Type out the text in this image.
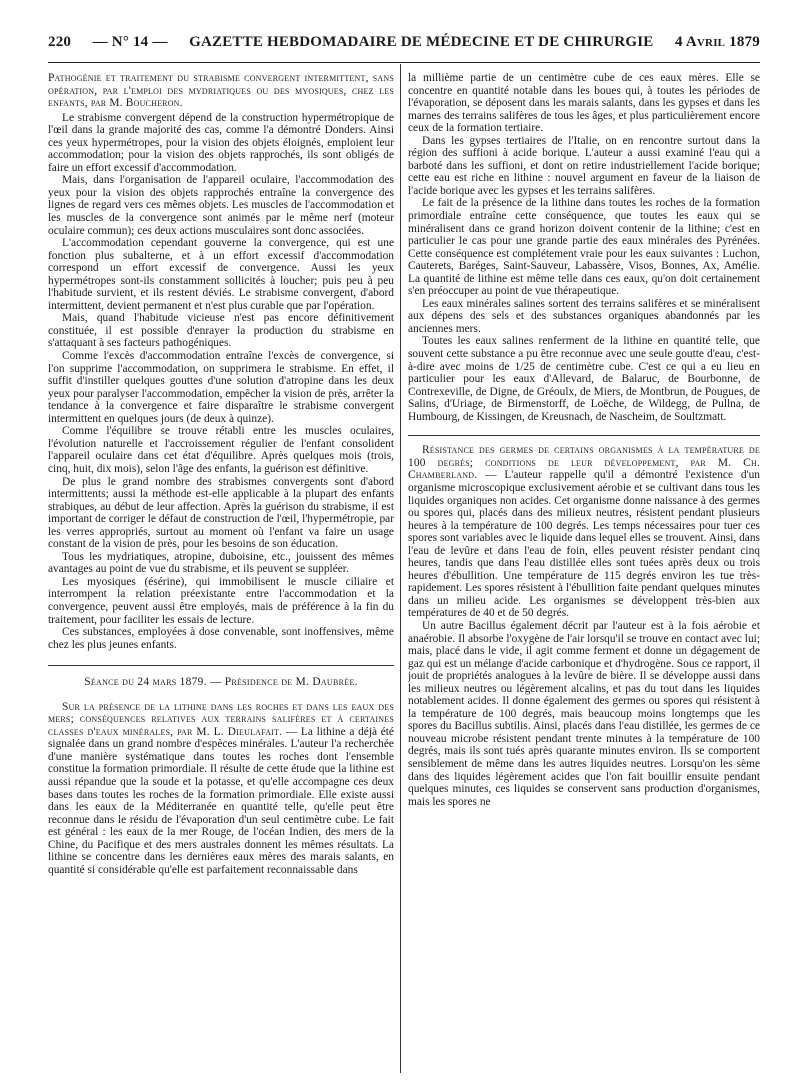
220 — N° 14 — GAZETTE HEBDOMADAIRE DE MÉDECINE ET DE CHIRURGIE 4 Avril 1879

Pathogénie et traitement du strabisme convergent intermittent, sans opération, par l'emploi des mydriatiques ou des myosiques, chez les enfants, par M. Boucheron.

Le strabisme convergent dépend de la construction hypermétropique de l'œil dans la grande majorité des cas, comme l'a démontré Donders. Ainsi ces yeux hypermétropes, pour la vision des objets éloignés, emploient leur accommodation; pour la vision des objets rapprochés, ils sont obligés de faire un effort excessif d'accommodation.

Mais, dans l'organisation de l'appareil oculaire, l'accommodation des yeux pour la vision des objets rapprochés entraîne la convergence des lignes de regard vers ces mêmes objets. Les muscles de l'accommodation et les muscles de la convergence sont animés par le même nerf (moteur oculaire commun); ces deux actions musculaires sont donc associées.

L'accommodation cependant gouverne la convergence, qui est une fonction plus subalterne, et à un effort excessif d'accommodation correspond un effort excessif de convergence. Aussi les yeux hypermétropes sont-ils constamment sollicités à loucher; puis peu à peu l'habitude survient, et ils restent déviés. Le strabisme convergent, d'abord intermittent, devient permanent et n'est plus curable que par l'opération.

Mais, quand l'habitude vicieuse n'est pas encore définitivement constituée, il est possible d'enrayer la production du strabisme en s'attaquant à ses facteurs pathogéniques.

Comme l'excès d'accommodation entraîne l'excès de convergence, si l'on supprime l'accommodation, on supprimera le strabisme. En effet, il suffit d'instiller quelques gouttes d'une solution d'atropine dans les deux yeux pour paralyser l'accommodation, empêcher la vision de près, arrêter la tendance à la convergence et faire disparaître le strabisme convergent intermittent en quelques jours (de deux à quinze).

Comme l'équilibre se trouve rétabli entre les muscles oculaires, l'évolution naturelle et l'accroissement régulier de l'enfant consolident l'appareil oculaire dans cet état d'équilibre. Après quelques mois (trois, cinq, huit, dix mois), selon l'âge des enfants, la guérison est définitive.

De plus le grand nombre des strabismes convergents sont d'abord intermittents; aussi la méthode est-elle applicable à la plupart des enfants strabiques, au début de leur affection. Après la guérison du strabisme, il est important de corriger le défaut de construction de l'œil, l'hypermétropie, par les verres appropriés, surtout au moment où l'enfant va faire un usage constant de la vision de près, pour les besoins de son éducation.

Tous les mydriatiques, atropine, duboisine, etc., jouissent des mêmes avantages au point de vue du strabisme, et ils peuvent se suppléer.

Les myosiques (ésérine), qui immobilisent le muscle ciliaire et interrompent la relation préexistante entre l'accommodation et la convergence, peuvent aussi être employés, mais de préférence à la fin du traitement, pour faciliter les essais de lecture.

Ces substances, employées à dose convenable, sont inoffensives, même chez les plus jeunes enfants.

Séance du 24 mars 1879. — Présidence de M. Daubrée.

Sur la présence de la lithine dans les roches et dans les eaux des mers; conséquences relatives aux terrains salifères et à certaines classes d'eaux minérales, par M. L. Dieulafait. — La lithine a déjà été signalée dans un grand nombre d'espèces minérales. L'auteur l'a recherchée d'une manière systématique dans toutes les roches dont l'ensemble constitue la formation primordiale. Il résulte de cette étude que la lithine est aussi répandue que la soude et la potasse, et qu'elle accompagne ces deux bases dans toutes les roches de la formation primordiale. Elle existe aussi dans les eaux de la Méditerranée en quantité telle, qu'elle peut être reconnue dans le résidu de l'évaporation d'un seul centimètre cube. Le fait est général : les eaux de la mer Rouge, de l'océan Indien, des mers de la Chine, du Pacifique et des mers australes donnent les mêmes résultats. La lithine se concentre dans les dernières eaux mères des marais salants, en quantité si considérable qu'elle est parfaitement reconnaissable dans

la millième partie de un centimètre cube de ces eaux mères. Elle se concentre en quantité notable dans les boues qui, à toutes les périodes de l'évaporation, se déposent dans les marais salants, dans les gypses et dans les marnes des terrains salifères de tous les âges, et plus particulièrement encore ceux de la formation tertiaire.

Dans les gypses tertiaires de l'Italie, on en rencontre surtout dans la région des suffioni à acide borique. L'auteur a aussi examiné l'eau qui a barboté dans les suffioni, et dont on retire industriellement l'acide borique; cette eau est riche en lithine : nouvel argument en faveur de la liaison de l'acide borique avec les gypses et les terrains salifères.

Le fait de la présence de la lithine dans toutes les roches de la formation primordiale entraîne cette conséquence, que toutes les eaux qui se minéralisent dans ce grand horizon doivent contenir de la lithine; c'est en particulier le cas pour une grande partie des eaux minérales des Pyrénées. Cette conséquence est complétement vraie pour les eaux suivantes : Luchon, Cauterets, Baréges, Saint-Sauveur, Labassère, Visos, Bonnes, Ax, Amélie. La quantité de lithine est même telle dans ces eaux, qu'on doit certainement s'en préoccuper au point de vue thérapeutique.

Les eaux minérales salines sortent des terrains salifères et se minéralisent aux dépens des sels et des substances organiques abandonnés par les anciennes mers.

Toutes les eaux salines renferment de la lithine en quantité telle, que souvent cette substance a pu être reconnue avec une seule goutte d'eau, c'est-à-dire avec moins de 1/25 de centimètre cube. C'est ce qui a eu lieu en particulier pour les eaux d'Allevard, de Balaruc, de Bourbonne, de Contrexeville, de Digne, de Gréoulx, de Miers, de Montbrun, de Pougues, de Salins, d'Uriage, de Birmenstorff, de Loëche, de Wildegg, de Pullna, de Humbourg, de Kissingen, de Kreusnach, de Nascheim, de Soultzmatt.

Résistance des germes de certains organismes à la température de 100 degrés; conditions de leur développement, par M. Ch. Chamberland. — L'auteur rappelle qu'il a démontré l'existence d'un organisme microscopique exclusivement aérobie et se cultivant dans tous les liquides organiques non acides. Cet organisme donne naissance à des germes ou spores qui, placés dans des milieux neutres, résistent pendant plusieurs heures à la température de 100 degrés. Les temps nécessaires pour tuer ces spores sont variables avec le liquide dans lequel elles se trouvent. Ainsi, dans l'eau de levûre et dans l'eau de foin, elles peuvent résister pendant cinq heures, tandis que dans l'eau distillée elles sont tuées après deux ou trois heures d'ébullition. Une température de 115 degrés environ les tue très-rapidement. Les spores résistent à l'ébullition faite pendant quelques minutes dans un milieu acide. Les organismes se développent très-bien aux températures de 40 et de 50 degrés.

Un autre Bacillus également décrit par l'auteur est à la fois aérobie et anaérobie. Il absorbe l'oxygène de l'air lorsqu'il se trouve en contact avec lui; mais, placé dans le vide, il agit comme ferment et donne un dégagement de gaz qui est un mélange d'acide carbonique et d'hydrogène. Sous ce rapport, il jouit de propriétés analogues à la levûre de bière. Il se développe aussi dans les milieux neutres ou légèrement alcalins, et pas du tout dans les liquides notablement acides. Il donne également des germes ou spores qui résistent à la température de 100 degrés, mais beaucoup moins longtemps que les spores du Bacillus subtilis. Ainsi, placés dans l'eau distillée, les germes de ce nouveau microbe résistent pendant trente minutes à la température de 100 degrés, mais ils sont tués après quarante minutes environ. Ils se comportent sensiblement de même dans les autres liquides neutres. Lorsqu'on les sème dans des liquides légèrement acides que l'on fait bouillir ensuite pendant quelques minutes, ces liquides se conservent sans production d'organismes, mais les spores ne
